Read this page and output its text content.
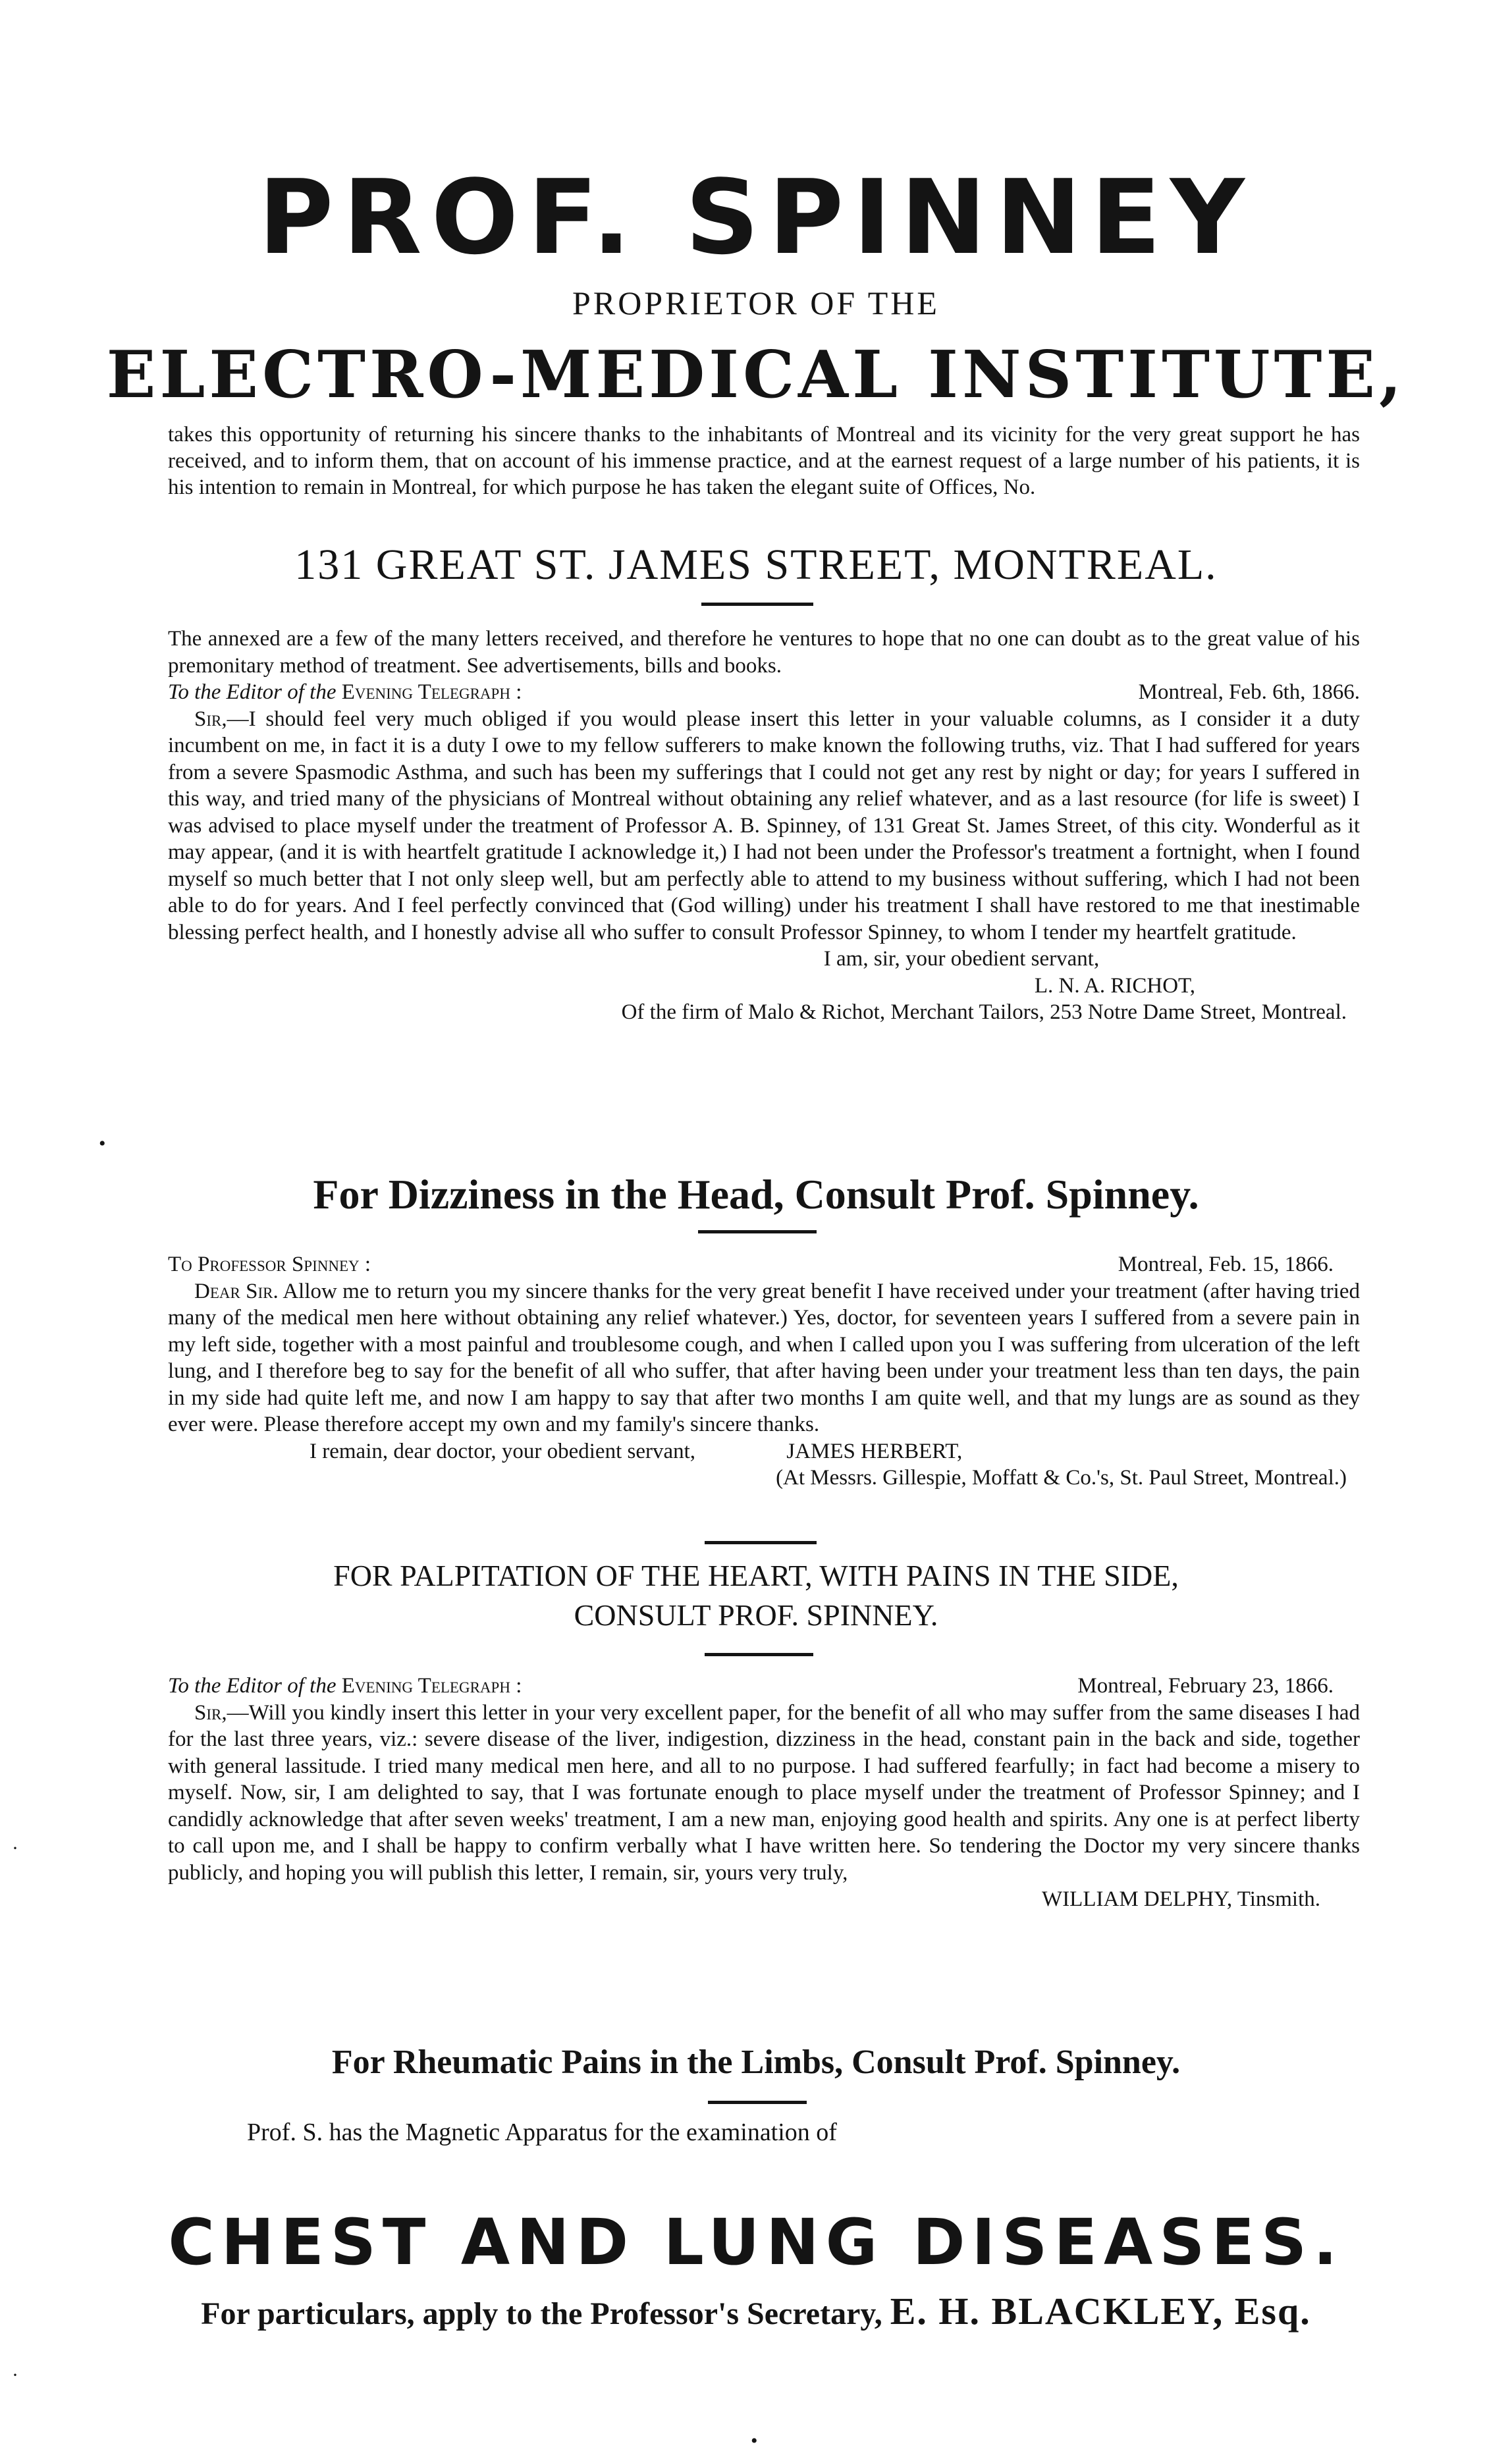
PROF. SPINNEY
PROPRIETOR OF THE
ELECTRO-MEDICAL INSTITUTE,
takes this opportunity of returning his sincere thanks to the inhabitants of Montreal and its vicinity for the very great support he has received, and to inform them, that on account of his immense practice, and at the earnest request of a large number of his patients, it is his intention to remain in Montreal, for which purpose he has taken the elegant suite of Offices, No.
131 GREAT ST. JAMES STREET, MONTREAL.
The annexed are a few of the many letters received, and therefore he ventures to hope that no one can doubt as to the great value of his premonitary method of treatment. See advertisements, bills and books.
To the Editor of the Evening Telegraph :	Montreal, Feb. 6th, 1866.
Sir,—I should feel very much obliged if you would please insert this letter in your valuable columns, as I consider it a duty incumbent on me, in fact it is a duty I owe to my fellow sufferers to make known the following truths, viz. That I had suffered for years from a severe Spasmodic Asthma, and such has been my sufferings that I could not get any rest by night or day; for years I suffered in this way, and tried many of the physicians of Montreal without obtaining any relief whatever, and as a last resource (for life is sweet) I was advised to place myself under the treatment of Professor A. B. Spinney, of 131 Great St. James Street, of this city. Wonderful as it may appear, (and it is with heartfelt gratitude I acknowledge it,) I had not been under the Professor's treatment a fortnight, when I found myself so much better that I not only sleep well, but am perfectly able to attend to my business without suffering, which I had not been able to do for years. And I feel perfectly convinced that (God willing) under his treatment I shall have restored to me that inestimable blessing perfect health, and I honestly advise all who suffer to consult Professor Spinney, to whom I tender my heartfelt gratitude.
I am, sir, your obedient servant,
L. N. A. RICHOT,
Of the firm of Malo & Richot, Merchant Tailors, 253 Notre Dame Street, Montreal.
For Dizziness in the Head, Consult Prof. Spinney.
To Professor Spinney :	Montreal, Feb. 15, 1866.
Dear Sir. Allow me to return you my sincere thanks for the very great benefit I have received under your treatment (after having tried many of the medical men here without obtaining any relief whatever.) Yes, doctor, for seventeen years I suffered from a severe pain in my left side, together with a most painful and troublesome cough, and when I called upon you I was suffering from ulceration of the left lung, and I therefore beg to say for the benefit of all who suffer, that after having been under your treatment less than ten days, the pain in my side had quite left me, and now I am happy to say that after two months I am quite well, and that my lungs are as sound as they ever were. Please therefore accept my own and my family's sincere thanks.
I remain, dear doctor, your obedient servant,	JAMES HERBERT,
(At Messrs. Gillespie, Moffatt & Co.'s, St. Paul Street, Montreal.)
FOR PALPITATION OF THE HEART, WITH PAINS IN THE SIDE,
CONSULT PROF. SPINNEY.
To the Editor of the Evening Telegraph :	Montreal, February 23, 1866.
Sir,—Will you kindly insert this letter in your very excellent paper, for the benefit of all who may suffer from the same diseases I had for the last three years, viz.: severe disease of the liver, indigestion, dizziness in the head, constant pain in the back and side, together with general lassitude. I tried many medical men here, and all to no purpose. I had suffered fearfully; in fact had become a misery to myself. Now, sir, I am delighted to say, that I was fortunate enough to place myself under the treatment of Professor Spinney; and I candidly acknowledge that after seven weeks' treatment, I am a new man, enjoying good health and spirits. Any one is at perfect liberty to call upon me, and I shall be happy to confirm verbally what I have written here. So tendering the Doctor my very sincere thanks publicly, and hoping you will publish this letter, I remain, sir, yours very truly,
WILLIAM DELPHY, Tinsmith.
For Rheumatic Pains in the Limbs, Consult Prof. Spinney.
Prof. S. has the Magnetic Apparatus for the examination of
CHEST AND LUNG DISEASES.
For particulars, apply to the Professor's Secretary, E. H. BLACKLEY, Esq.
•
·
·
•
